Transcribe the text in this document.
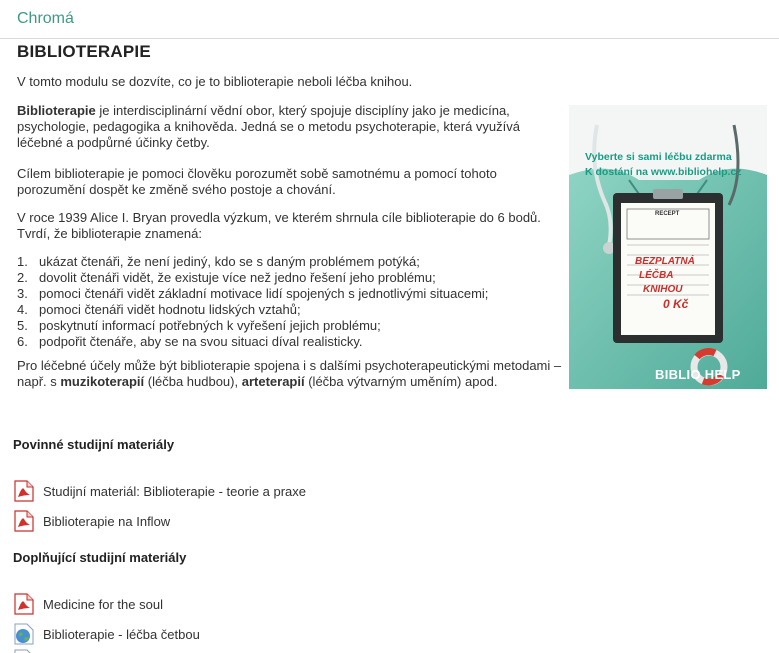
Chromá
BIBLIOTERAPIE

V tomto modulu se dozvíte, co je to biblioterapie neboli léčba knihou.

Biblioterapie je interdisciplinární vědní obor, který spojuje disciplíny jako je medicína, psychologie, pedagogika a knihověda. Jedná se o metodu psychoterapie, která využívá léčebné a podpůrné účinky četby.

Cílem biblioterapie je pomoci člověku porozumět sobě samotnému a pomocí tohoto porozumění dospět ke změně svého postoje a chování.

V roce 1939 Alice I. Bryan provedla výzkum, ve kterém shrnula cíle biblioterapie do 6 bodů. Tvrdí, že biblioterapie znamená:

1. ukázat čtenáři, že není jediný, kdo se s daným problémem potýká;
2. dovolit čtenáři vidět, že existuje více než jedno řešení jeho problému;
3. pomoci čtenáři vidět základní motivace lidí spojených s jednotlivými situacemi;
4. pomoci čtenáři vidět hodnotu lidských vztahů;
5. poskytnutí informací potřebných k vyřešení jejich problému;
6. podpořit čtenáře, aby se na svou situaci díval realisticky.

Pro léčebné účely může být biblioterapie spojena i s dalšími psychoterapeutickými metodami – např. s muzikoterapií (léčba hudbou), arteterapií (léčba výtvarným uměním) apod.

Vyberte si sami léčbu zdarma
K dostání na www.bibliohelp.cz
RECEPT
BEZPLATNÁ
LÉČBA
KNIHOU
0 Kč
BIBLIO HELP
Povinné studijní materiály
Studijní materiál: Biblioterapie - teorie a praxe
Biblioterapie na Inflow
Doplňující studijní materiály
Medicine for the soul
Biblioterapie - léčba četbou
